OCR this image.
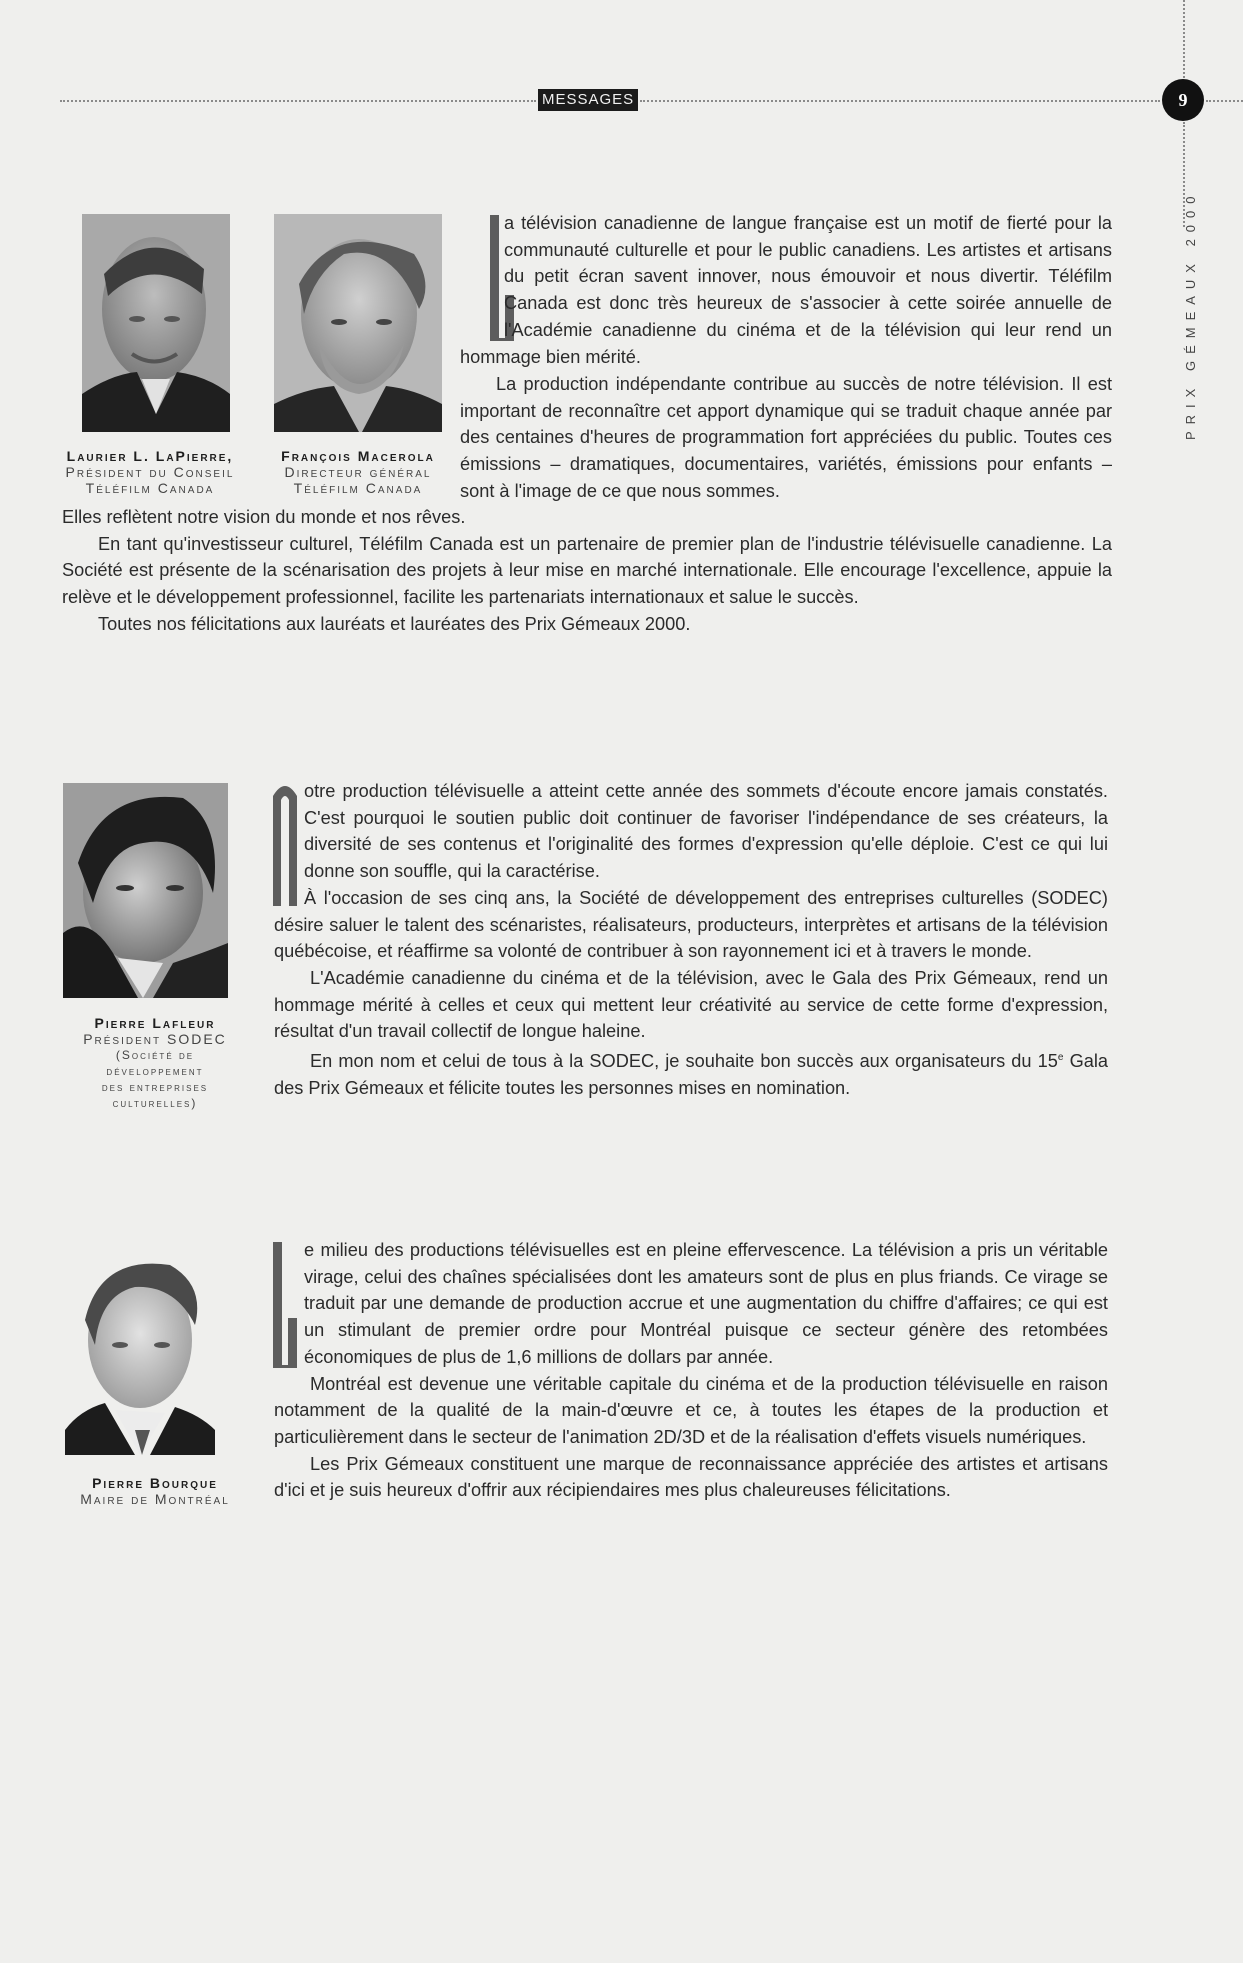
MESSAGES	9
PRIX GÉMEAUX 2000
Laurier L. LaPierre,
Président du Conseil
Téléfilm Canada
François Macerola
Directeur général
Téléfilm Canada

a télévision canadienne de langue française est un motif de fierté pour la communauté culturelle et pour le public canadiens. Les artistes et artisans du petit écran savent innover, nous émouvoir et nous divertir. Téléfilm Canada est donc très heureux de s'associer à cette soirée annuelle de l'Académie canadienne du cinéma et de la télévision qui leur rend un hommage bien mérité.

La production indépendante contribue au succès de notre télévision. Il est important de reconnaître cet apport dynamique qui se traduit chaque année par des centaines d'heures de programmation fort appréciées du public. Toutes ces émissions – dramatiques, documentaires, variétés, émissions pour enfants – sont à l'image de ce que nous sommes.

Elles reflètent notre vision du monde et nos rêves.

En tant qu'investisseur culturel, Téléfilm Canada est un partenaire de premier plan de l'industrie télévisuelle canadienne. La Société est présente de la scénarisation des projets à leur mise en marché internationale. Elle encourage l'excellence, appuie la relève et le développement professionnel, facilite les partenariats internationaux et salue le succès.

Toutes nos félicitations aux lauréats et lauréates des Prix Gémeaux 2000.

Pierre Lafleur
Président SODEC
(Société de
développement
des entreprises
culturelles)

otre production télévisuelle a atteint cette année des sommets d'écoute encore jamais constatés. C'est pourquoi le soutien public doit continuer de favoriser l'indépendance de ses créateurs, la diversité de ses contenus et l'originalité des formes d'expression qu'elle déploie. C'est ce qui lui donne son souffle, qui la caractérise.

À l'occasion de ses cinq ans, la Société de développement des entreprises culturelles (SODEC) désire saluer le talent des scénaristes, réalisateurs, producteurs, interprètes et artisans de la télévision québécoise, et réaffirme sa volonté de contribuer à son rayonnement ici et à travers le monde.

L'Académie canadienne du cinéma et de la télévision, avec le Gala des Prix Gémeaux, rend un hommage mérité à celles et ceux qui mettent leur créativité au service de cette forme d'expression, résultat d'un travail collectif de longue haleine.

En mon nom et celui de tous à la SODEC, je souhaite bon succès aux organisateurs du 15e Gala des Prix Gémeaux et félicite toutes les personnes mises en nomination.

Pierre Bourque
Maire de Montréal

e milieu des productions télévisuelles est en pleine effervescence. La télévision a pris un véritable virage, celui des chaînes spécialisées dont les amateurs sont de plus en plus friands. Ce virage se traduit par une demande de production accrue et une augmentation du chiffre d'affaires; ce qui est un stimulant de premier ordre pour Montréal puisque ce secteur génère des retombées économiques de plus de 1,6 millions de dollars par année.

Montréal est devenue une véritable capitale du cinéma et de la production télévisuelle en raison notamment de la qualité de la main-d'œuvre et ce, à toutes les étapes de la production et particulièrement dans le secteur de l'animation 2D/3D et de la réalisation d'effets visuels numériques.

Les Prix Gémeaux constituent une marque de reconnaissance appréciée des artistes et artisans d'ici et je suis heureux d'offrir aux récipiendaires mes plus chaleureuses félicitations.
